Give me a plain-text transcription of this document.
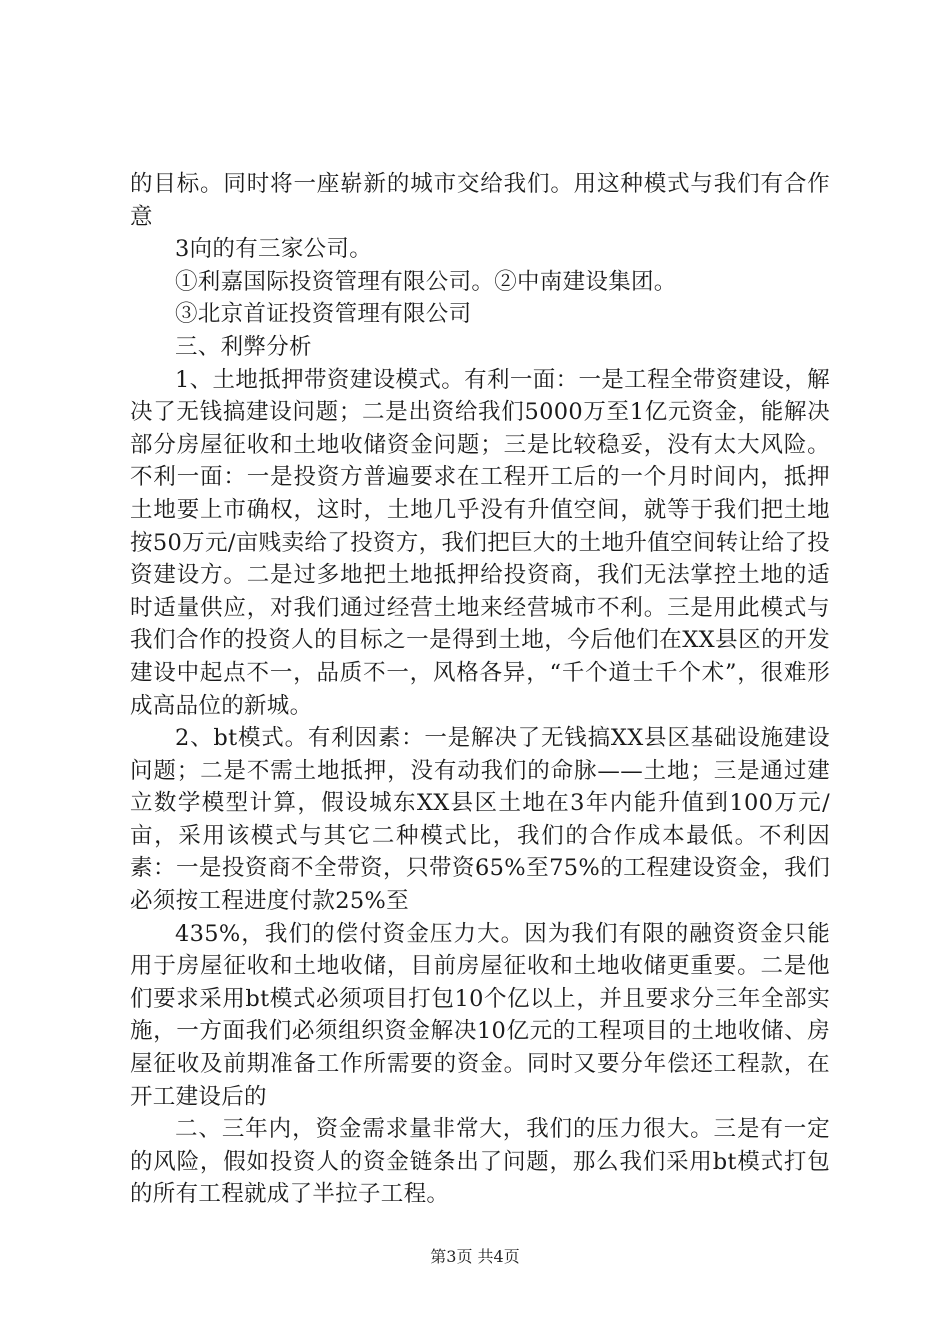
的目标。同时将一座崭新的城市交给我们。用这种模式与我们有合作意

3向的有三家公司。

①利嘉国际投资管理有限公司。②中南建设集团。

③北京首证投资管理有限公司

三、利弊分析

1、土地抵押带资建设模式。有利一面：一是工程全带资建设，解决了无钱搞建设问题；二是出资给我们5000万至1亿元资金，能解决部分房屋征收和土地收储资金问题；三是比较稳妥，没有太大风险。不利一面：一是投资方普遍要求在工程开工后的一个月时间内，抵押土地要上市确权，这时，土地几乎没有升值空间，就等于我们把土地按50万元/亩贱卖给了投资方，我们把巨大的土地升值空间转让给了投资建设方。二是过多地把土地抵押给投资商，我们无法掌控土地的适时适量供应，对我们通过经营土地来经营城市不利。三是用此模式与我们合作的投资人的目标之一是得到土地，今后他们在XX县区的开发建设中起点不一，品质不一，风格各异，“千个道士千个术”，很难形成高品位的新城。

2、bt模式。有利因素：一是解决了无钱搞XX县区基础设施建设问题；二是不需土地抵押，没有动我们的命脉——土地；三是通过建立数学模型计算，假设城东XX县区土地在3年内能升值到100万元/亩，采用该模式与其它二种模式比，我们的合作成本最低。不利因素：一是投资商不全带资，只带资65%至75%的工程建设资金，我们必须按工程进度付款25%至

435%，我们的偿付资金压力大。因为我们有限的融资资金只能用于房屋征收和土地收储，目前房屋征收和土地收储更重要。二是他们要求采用bt模式必须项目打包10个亿以上，并且要求分三年全部实施，一方面我们必须组织资金解决10亿元的工程项目的土地收储、房屋征收及前期准备工作所需要的资金。同时又要分年偿还工程款，在开工建设后的

二、三年内，资金需求量非常大，我们的压力很大。三是有一定的风险，假如投资人的资金链条出了问题，那么我们采用bt模式打包的所有工程就成了半拉子工程。

第3页 共4页
